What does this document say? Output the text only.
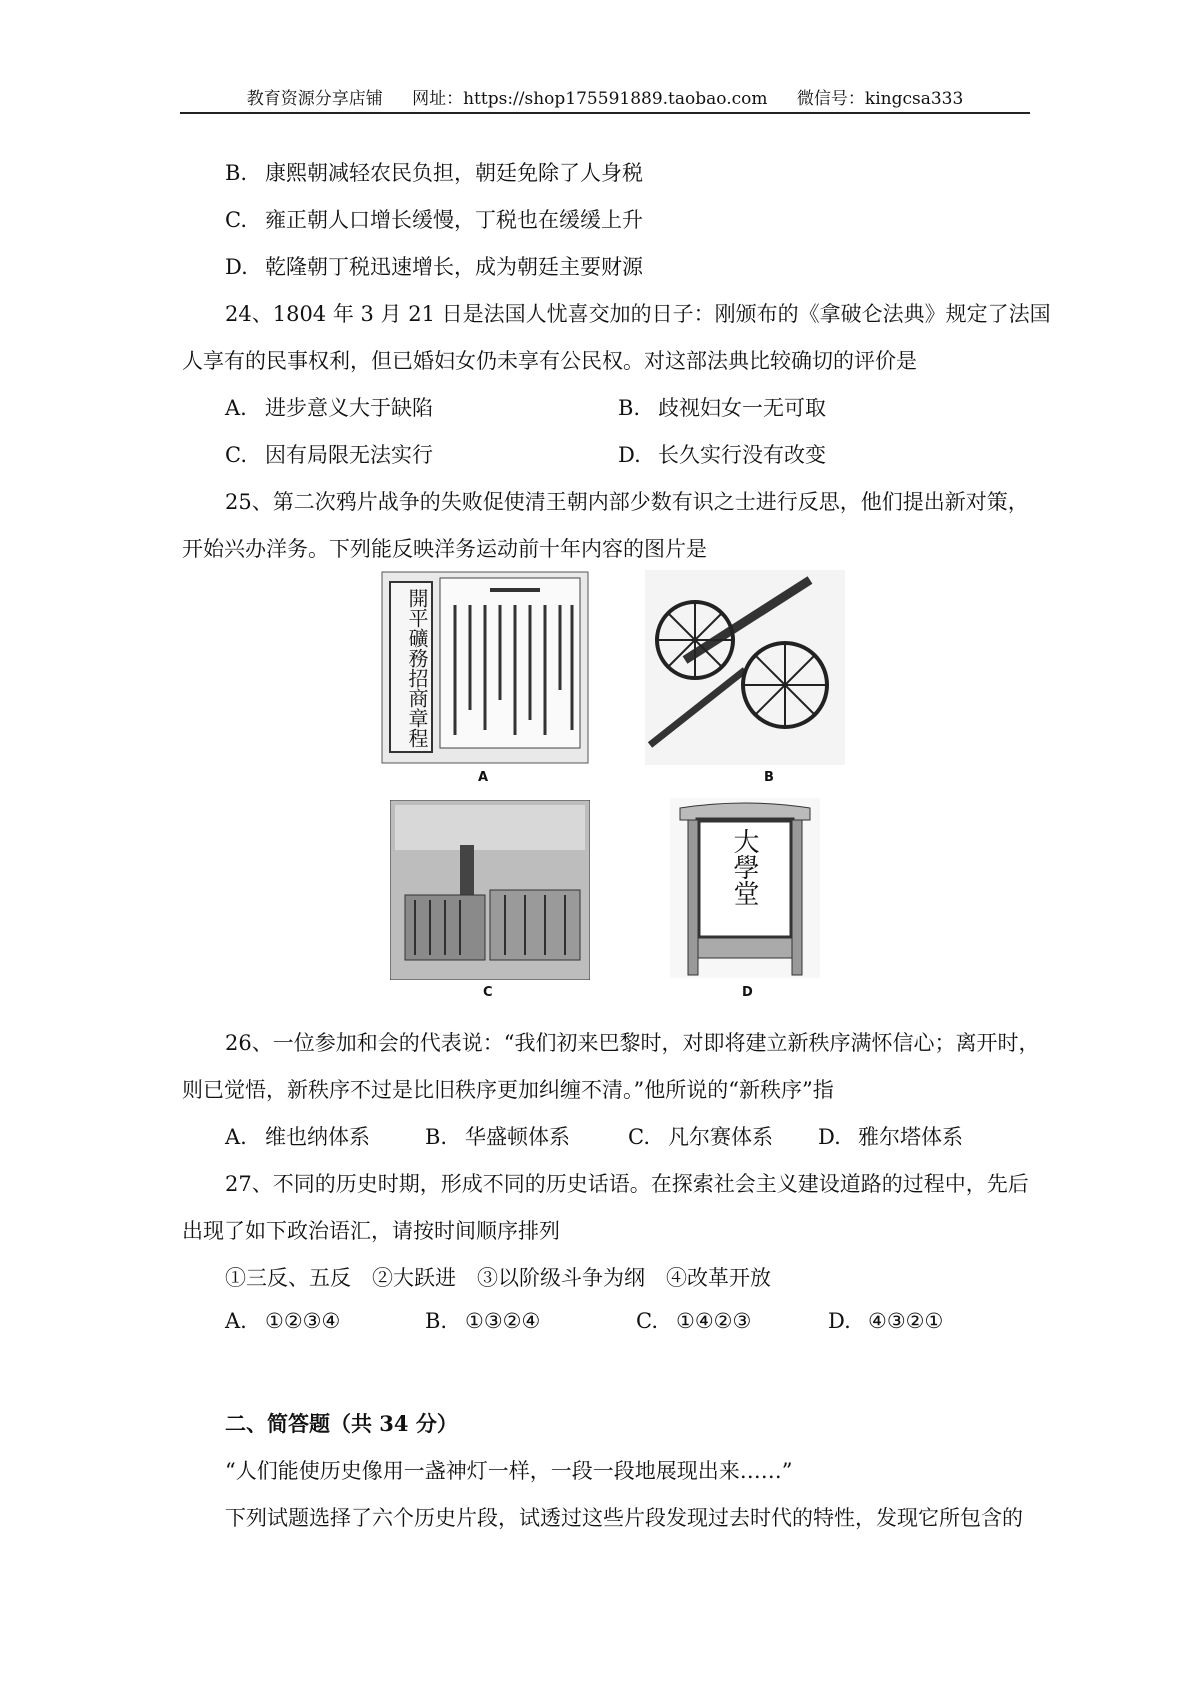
教育资源分享店铺 网址：https://shop175591889.taobao.com 微信号：kingcsa333
B. 康熙朝减轻农民负担，朝廷免除了人身税
C. 雍正朝人口增长缓慢，丁税也在缓缓上升
D. 乾隆朝丁税迅速增长，成为朝廷主要财源
24、1804 年 3 月 21 日是法国人忧喜交加的日子：刚颁布的《拿破仑法典》规定了法国
人享有的民事权利，但已婚妇女仍未享有公民权。对这部法典比较确切的评价是
A. 进步意义大于缺陷	B. 歧视妇女一无可取
C. 因有局限无法实行	D. 长久实行没有改变
25、第二次鸦片战争的失败促使清王朝内部少数有识之士进行反思，他们提出新对策，
开始兴办洋务。下列能反映洋务运动前十年内容的图片是
開平礦務招商章程
A	B
C
大學堂
D
26、一位参加和会的代表说：“我们初来巴黎时，对即将建立新秩序满怀信心；离开时，
则已觉悟，新秩序不过是比旧秩序更加纠缠不清。”他所说的“新秩序”指
A. 维也纳体系	B. 华盛顿体系	C. 凡尔赛体系 D. 雅尔塔体系
27、不同的历史时期，形成不同的历史话语。在探索社会主义建设道路的过程中，先后
出现了如下政治语汇，请按时间顺序排列
①三反、五反　②大跃进　③以阶级斗争为纲　④改革开放
A. ①②③④	B. ①③②④	C. ①④②③	D. ④③②①
二、简答题（共 34 分）
“人们能使历史像用一盏神灯一样，一段一段地展现出来……”
下列试题选择了六个历史片段，试透过这些片段发现过去时代的特性，发现它所包含的
